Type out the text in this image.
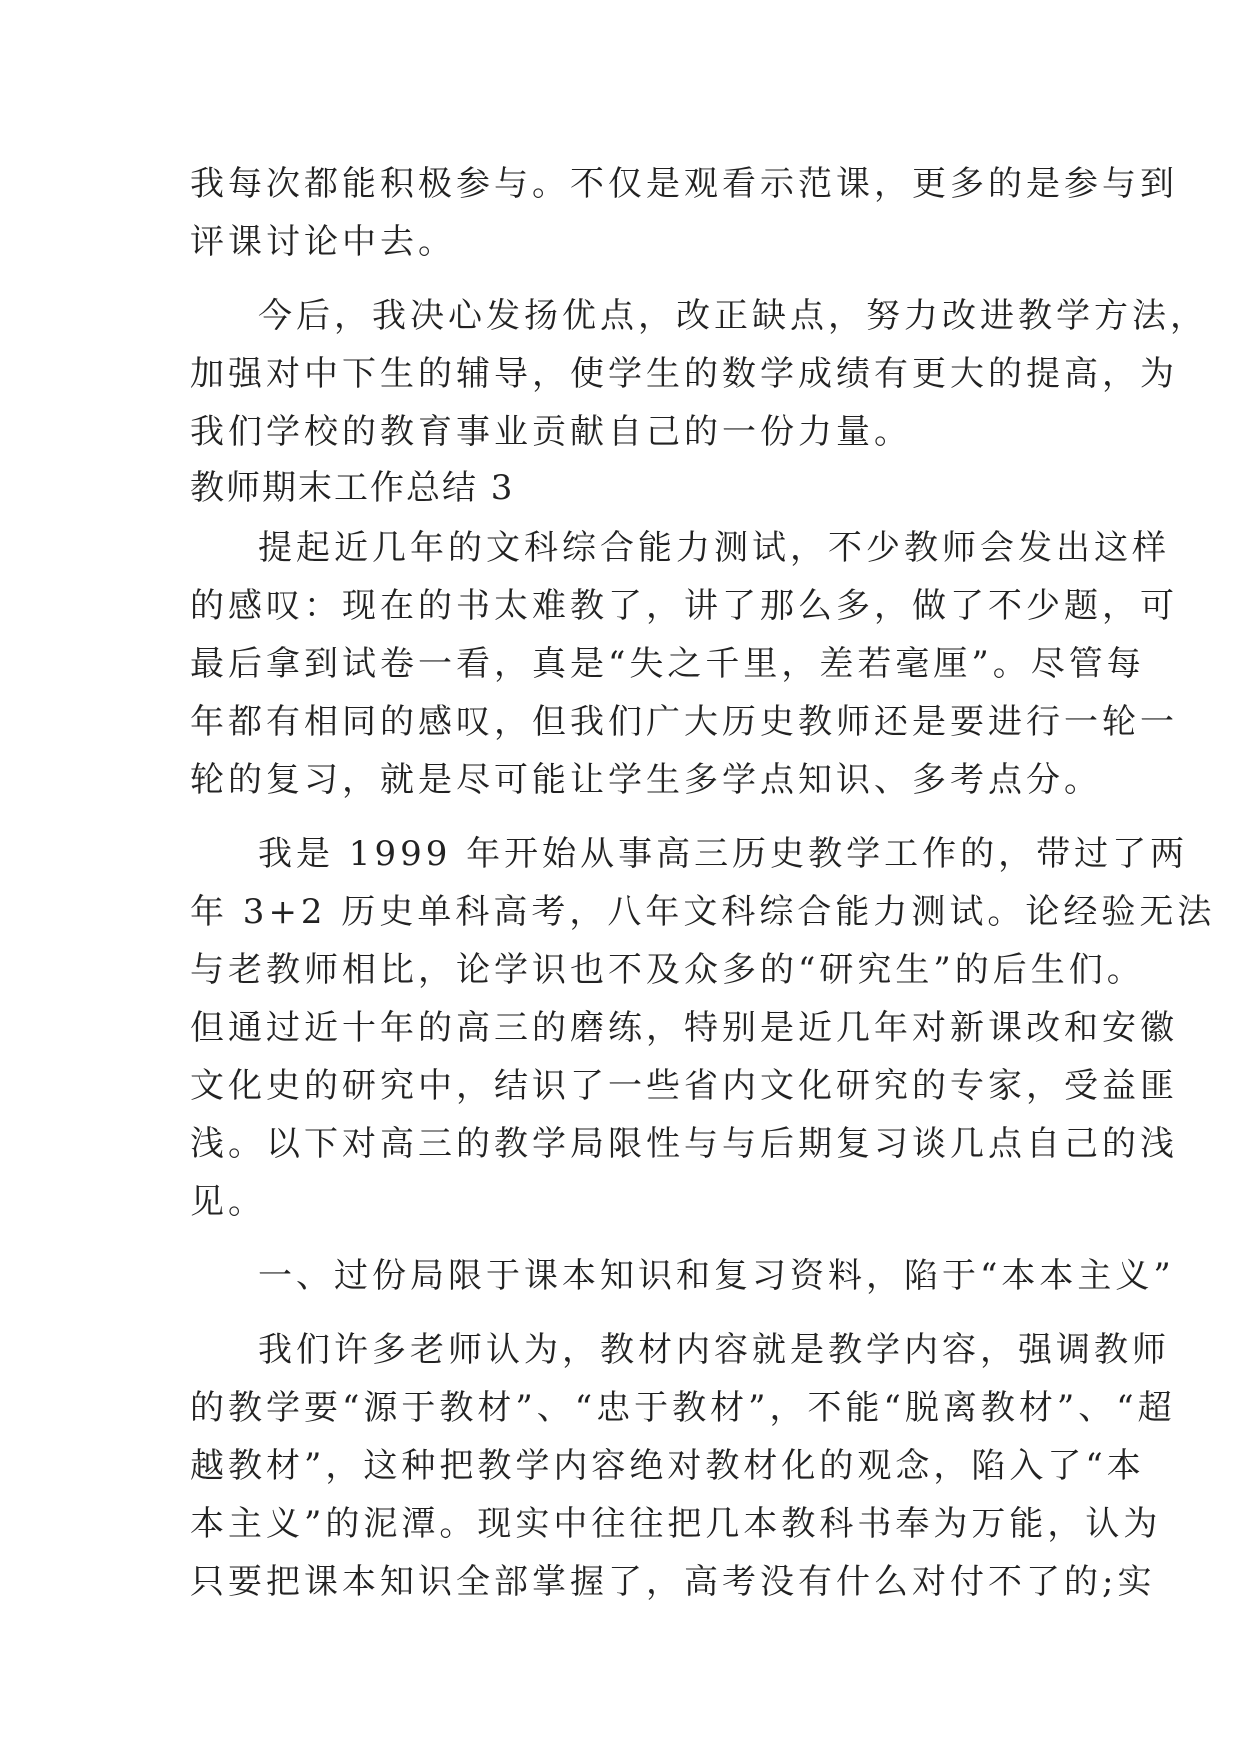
我每次都能积极参与。不仅是观看示范课，更多的是参与到
评课讨论中去。
今后，我决心发扬优点，改正缺点，努力改进教学方法，
加强对中下生的辅导，使学生的数学成绩有更大的提高，为
我们学校的教育事业贡献自己的一份力量。
教师期末工作总结 3
提起近几年的文科综合能力测试，不少教师会发出这样
的感叹：现在的书太难教了，讲了那么多，做了不少题，可
最后拿到试卷一看，真是“失之千里，差若毫厘”。尽管每
年都有相同的感叹，但我们广大历史教师还是要进行一轮一
轮的复习，就是尽可能让学生多学点知识、多考点分。
我是 1999 年开始从事高三历史教学工作的，带过了两
年 3+2 历史单科高考，八年文科综合能力测试。论经验无法
与老教师相比，论学识也不及众多的“研究生”的后生们。
但通过近十年的高三的磨练，特别是近几年对新课改和安徽
文化史的研究中，结识了一些省内文化研究的专家，受益匪
浅。以下对高三的教学局限性与与后期复习谈几点自己的浅
见。
一、过份局限于课本知识和复习资料，陷于“本本主义”
我们许多老师认为，教材内容就是教学内容，强调教师
的教学要“源于教材”、“忠于教材”，不能“脱离教材”、“超
越教材”，这种把教学内容绝对教材化的观念，陷入了“本
本主义”的泥潭。现实中往往把几本教科书奉为万能，认为
只要把课本知识全部掌握了，高考没有什么对付不了的;实
